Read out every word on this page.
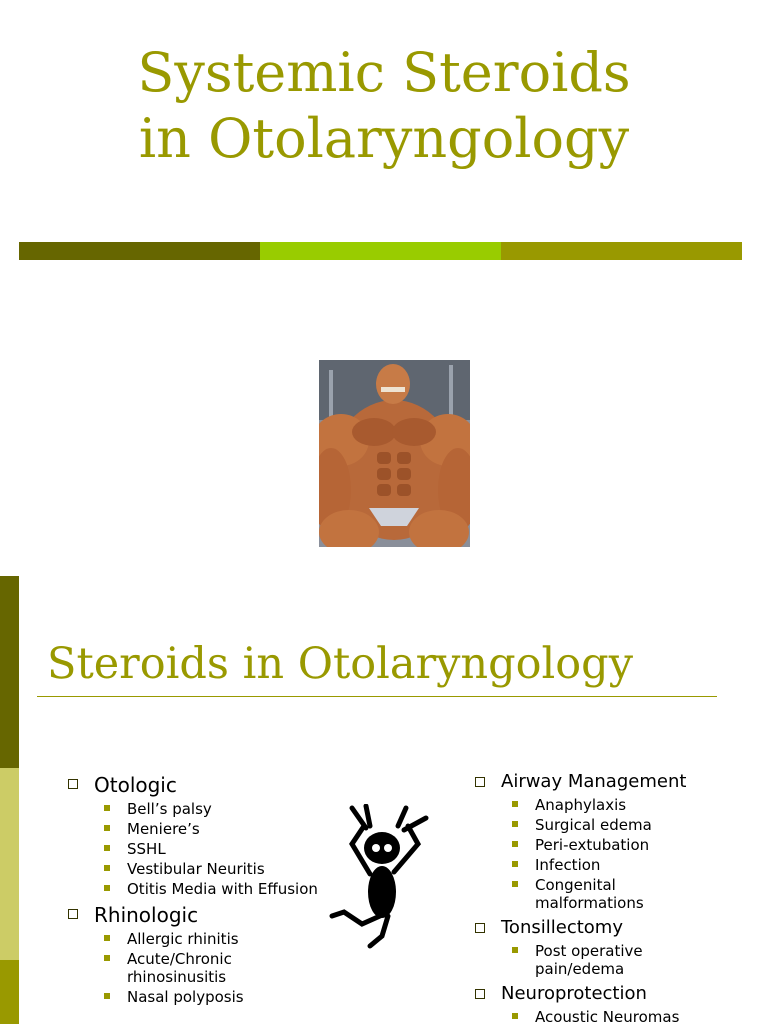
Systemic Steroids
in Otolaryngology
Steroids in Otolaryngology
Otologic
Bell’s palsy
Meniere’s
SSHL
Vestibular Neuritis
Otitis Media with Effusion
Rhinologic
Allergic rhinitis
Acute/Chronic rhinosinusitis
Nasal polyposis
Airway Management
Anaphylaxis
Surgical edema
Peri-extubation
Infection
Congenital malformations
Tonsillectomy
Post operative pain/edema
Neuroprotection
Acoustic Neuromas
